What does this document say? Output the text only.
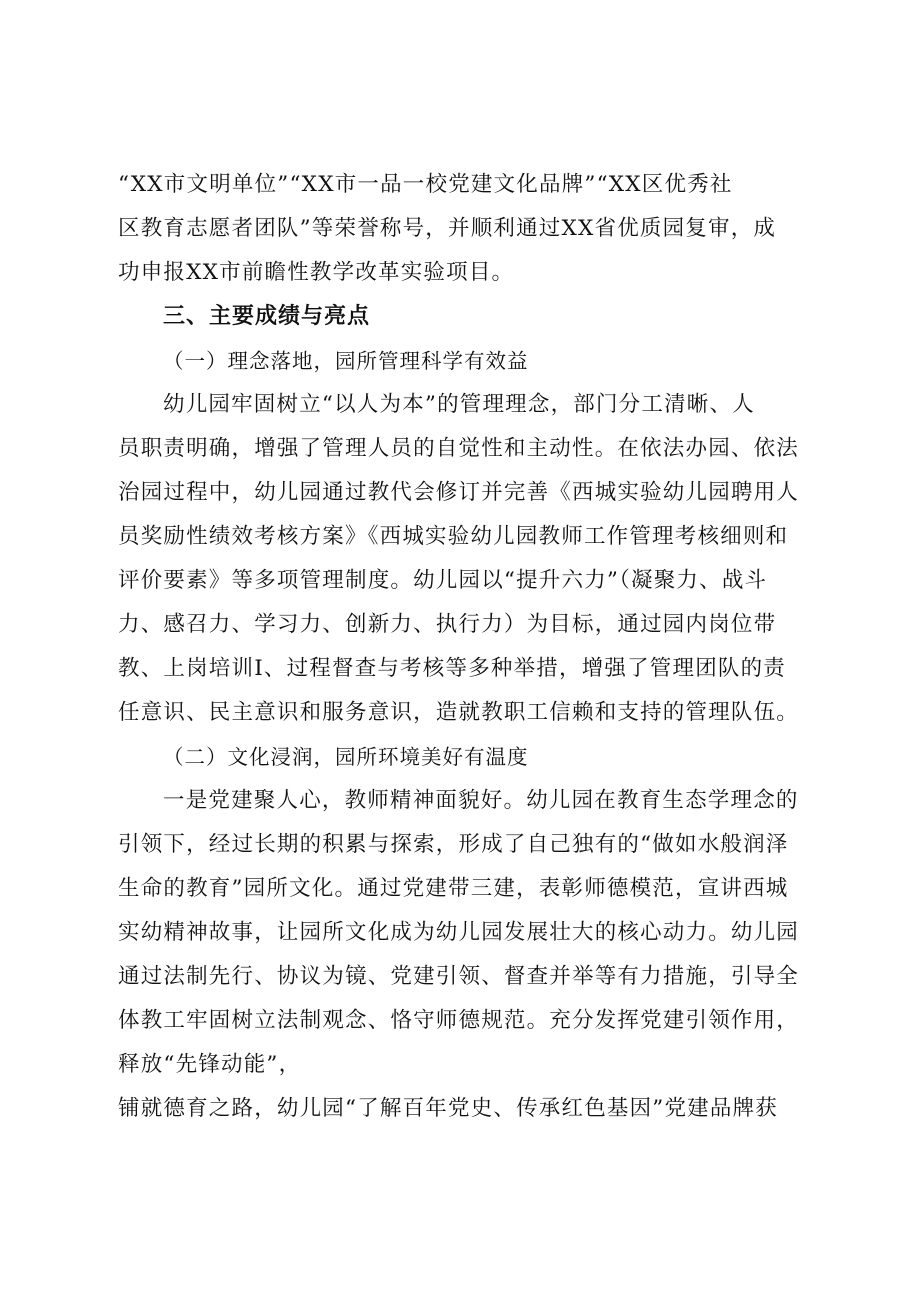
“XX市文明单位”“XX市一品一校党建文化品牌”“XX区优秀社
区教育志愿者团队”等荣誉称号，并顺利通过XX省优质园复审，成
功申报XX市前瞻性教学改革实验项目。
三、主要成绩与亮点
（一）理念落地，园所管理科学有效益
幼儿园牢固树立“以人为本”的管理理念，部门分工清晰、人
员职责明确，增强了管理人员的自觉性和主动性。在依法办园、依法
治园过程中，幼儿园通过教代会修订并完善《西城实验幼儿园聘用人
员奖励性绩效考核方案》《西城实验幼儿园教师工作管理考核细则和
评价要素》等多项管理制度。幼儿园以“提升六力”（凝聚力、战斗
力、感召力、学习力、创新力、执行力）为目标，通过园内岗位带
教、上岗培训I、过程督查与考核等多种举措，增强了管理团队的责
任意识、民主意识和服务意识，造就教职工信赖和支持的管理队伍。
（二）文化浸润，园所环境美好有温度
一是党建聚人心，教师精神面貌好。幼儿园在教育生态学理念的
引领下，经过长期的积累与探索，形成了自己独有的“做如水般润泽
生命的教育”园所文化。通过党建带三建，表彰师德模范，宣讲西城
实幼精神故事，让园所文化成为幼儿园发展壮大的核心动力。幼儿园
通过法制先行、协议为镜、党建引领、督查并举等有力措施，引导全
体教工牢固树立法制观念、恪守师德规范。充分发挥党建引领作用，
释放“先锋动能”，
铺就德育之路，幼儿园“了解百年党史、传承红色基因”党建品牌获
